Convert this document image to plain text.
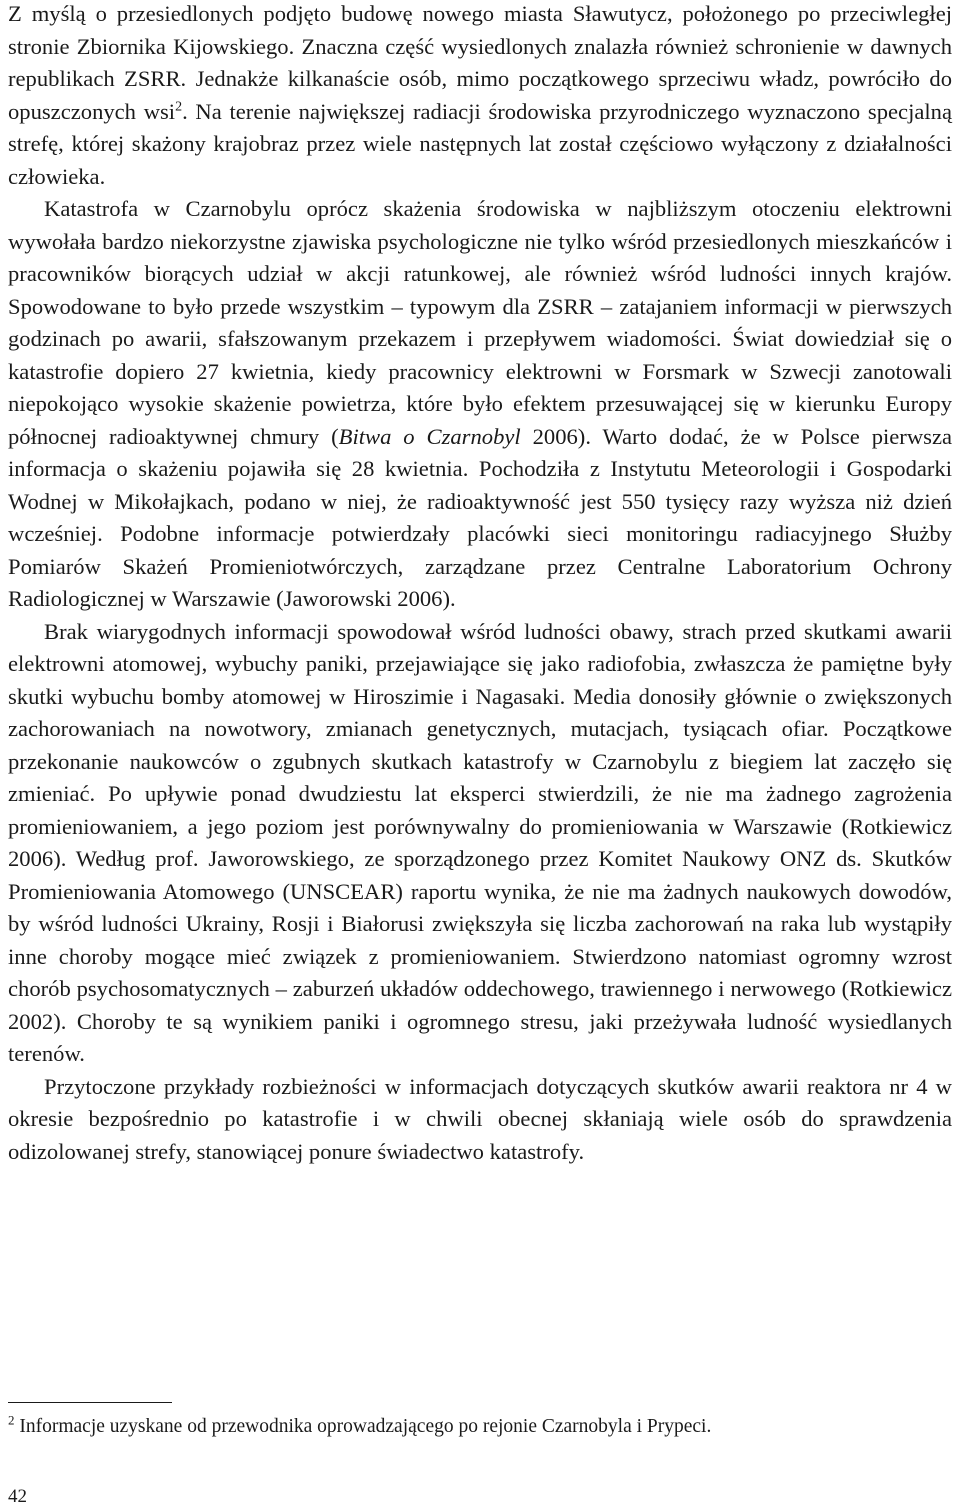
Z myślą o przesiedlonych podjęto budowę nowego miasta Sławutycz, położonego po przeciwległej stronie Zbiornika Kijowskiego. Znaczna część wysiedlonych znalazła również schronienie w dawnych republikach ZSRR. Jednakże kilkanaście osób, mimo początkowego sprzeciwu władz, powróciło do opuszczonych wsi$^2$. Na terenie największej radiacji środowiska przyrodniczego wyznaczono specjalną strefę, której skażony krajobraz przez wiele następnych lat został częściowo wyłączony z działalności człowieka.

Katastrofa w Czarnobylu oprócz skażenia środowiska w najbliższym otoczeniu elektrowni wywołała bardzo niekorzystne zjawiska psychologiczne nie tylko wśród przesiedlonych mieszkańców i pracowników biorących udział w akcji ratunkowej, ale również wśród ludności innych krajów. Spowodowane to było przede wszystkim – typowym dla ZSRR – zatajaniem informacji w pierwszych godzinach po awarii, sfałszowanym przekazem i przepływem wiadomości. Świat dowiedział się o katastrofie dopiero 27 kwietnia, kiedy pracownicy elektrowni w Forsmark w Szwecji zanotowali niepokojąco wysokie skażenie powietrza, które było efektem przesuwającej się w kierunku Europy północnej radioaktywnej chmury (Bitwa o Czarnobyl 2006). Warto dodać, że w Polsce pierwsza informacja o skażeniu pojawiła się 28 kwietnia. Pochodziła z Instytutu Meteorologii i Gospodarki Wodnej w Mikołajkach, podano w niej, że radioaktywność jest 550 tysięcy razy wyższa niż dzień wcześniej. Podobne informacje potwierdzały placówki sieci monitoringu radiacyjnego Służby Pomiarów Skażeń Promieniotwórczych, zarządzane przez Centralne Laboratorium Ochrony Radiologicznej w Warszawie (Jaworowski 2006).

Brak wiarygodnych informacji spowodował wśród ludności obawy, strach przed skutkami awarii elektrowni atomowej, wybuchy paniki, przejawiające się jako radiofobia, zwłaszcza że pamiętne były skutki wybuchu bomby atomowej w Hiroszimie i Nagasaki. Media donosiły głównie o zwiększonych zachorowaniach na nowotwory, zmianach genetycznych, mutacjach, tysiącach ofiar. Początkowe przekonanie naukowców o zgubnych skutkach katastrofy w Czarnobylu z biegiem lat zaczęło się zmieniać. Po upływie ponad dwudziestu lat eksperci stwierdzili, że nie ma żadnego zagrożenia promieniowaniem, a jego poziom jest porównywalny do promieniowania w Warszawie (Rotkiewicz 2006). Według prof. Jaworowskiego, ze sporządzonego przez Komitet Naukowy ONZ ds. Skutków Promieniowania Atomowego (UNSCEAR) raportu wynika, że nie ma żadnych naukowych dowodów, by wśród ludności Ukrainy, Rosji i Białorusi zwiększyła się liczba zachorowań na raka lub wystąpiły inne choroby mogące mieć związek z promieniowaniem. Stwierdzono natomiast ogromny wzrost chorób psychosomatycznych – zaburzeń układów oddechowego, trawiennego i nerwowego (Rotkiewicz 2002). Choroby te są wynikiem paniki i ogromnego stresu, jaki przeżywała ludność wysiedlanych terenów.

Przytoczone przykłady rozbieżności w informacjach dotyczących skutków awarii reaktora nr 4 w okresie bezpośrednio po katastrofie i w chwili obecnej skłaniają wiele osób do sprawdzenia odizolowanej strefy, stanowiącej ponure świadectwo katastrofy.

$^2$ Informacje uzyskane od przewodnika oprowadzającego po rejonie Czarnobyla i Prypeci.
42
